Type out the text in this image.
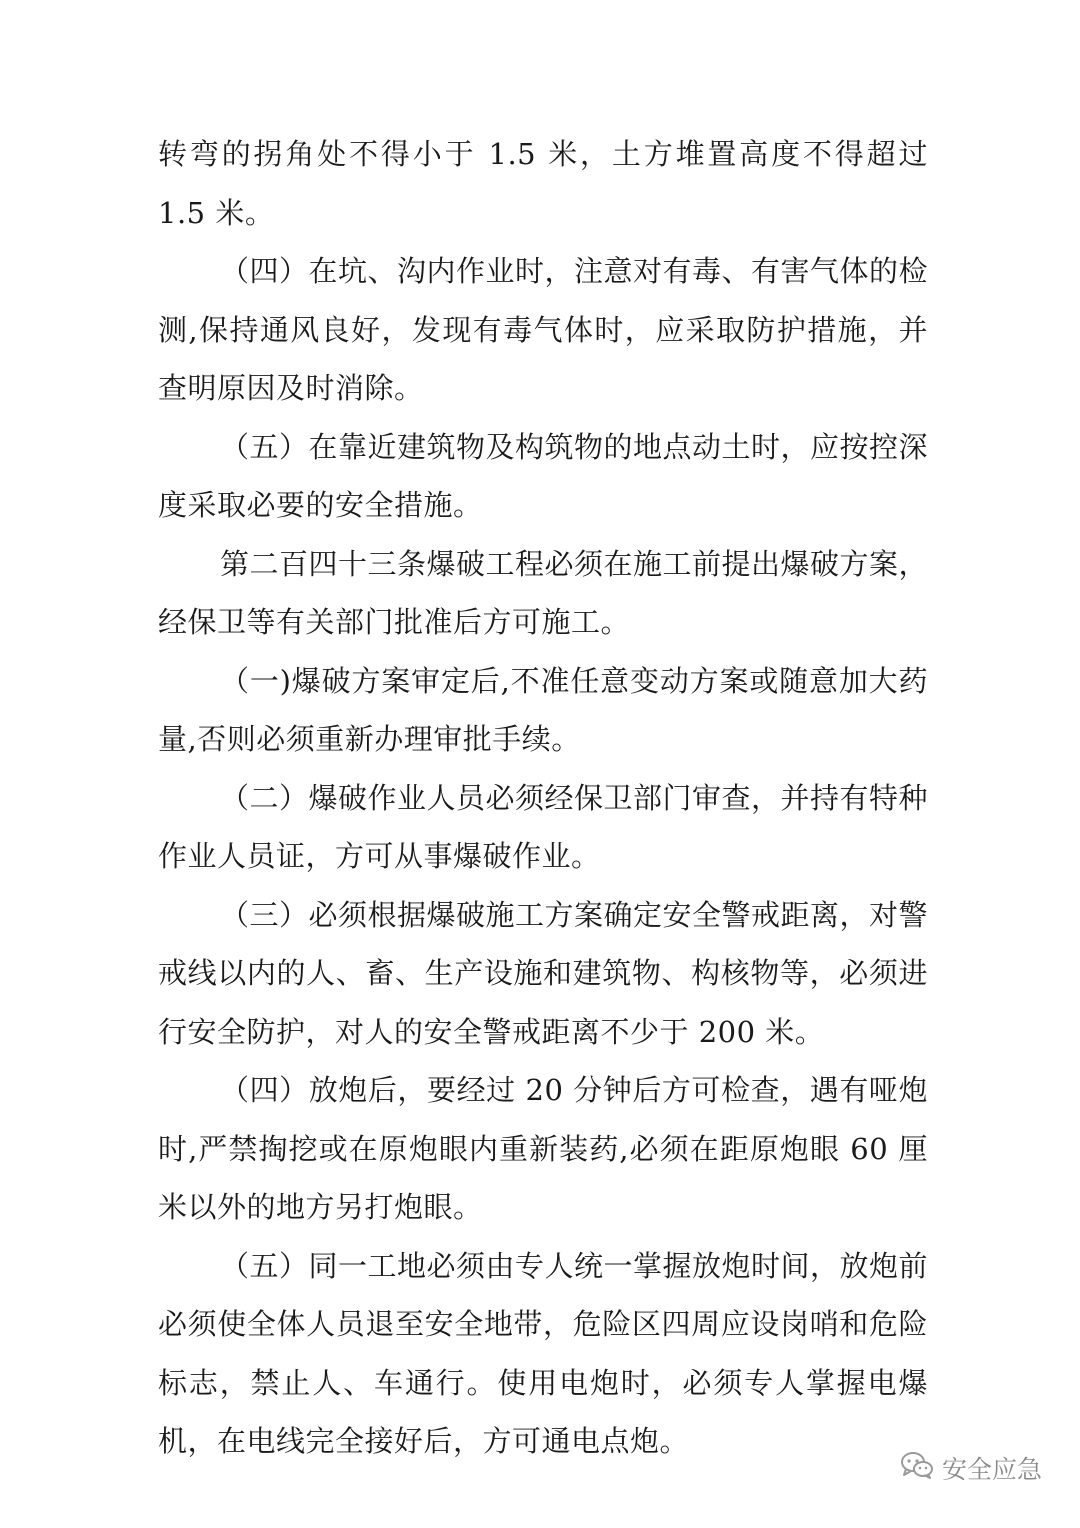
转弯的拐角处不得小于 1.5 米，土方堆置高度不得超过 1.5 米。

（四）在坑、沟内作业时，注意对有毒、有害气体的检测,保持通风良好，发现有毒气体时，应采取防护措施，并查明原因及时消除。

（五）在靠近建筑物及构筑物的地点动土时，应按控深度采取必要的安全措施。

第二百四十三条爆破工程必须在施工前提出爆破方案，经保卫等有关部门批准后方可施工。

（一)爆破方案审定后,不准任意变动方案或随意加大药量,否则必须重新办理审批手续。

（二）爆破作业人员必须经保卫部门审查，并持有特种作业人员证，方可从事爆破作业。

（三）必须根据爆破施工方案确定安全警戒距离，对警戒线以内的人、畜、生产设施和建筑物、构核物等，必须进行安全防护，对人的安全警戒距离不少于 200 米。

（四）放炮后，要经过 20 分钟后方可检查，遇有哑炮时,严禁掏挖或在原炮眼内重新装药,必须在距原炮眼 60 厘米以外的地方另打炮眼。

（五）同一工地必须由专人统一掌握放炮时间，放炮前必须使全体人员退至安全地带，危险区四周应设岗哨和危险标志，禁止人、车通行。使用电炮时，必须专人掌握电爆机，在电线完全接好后，方可通电点炮。

安全应急
